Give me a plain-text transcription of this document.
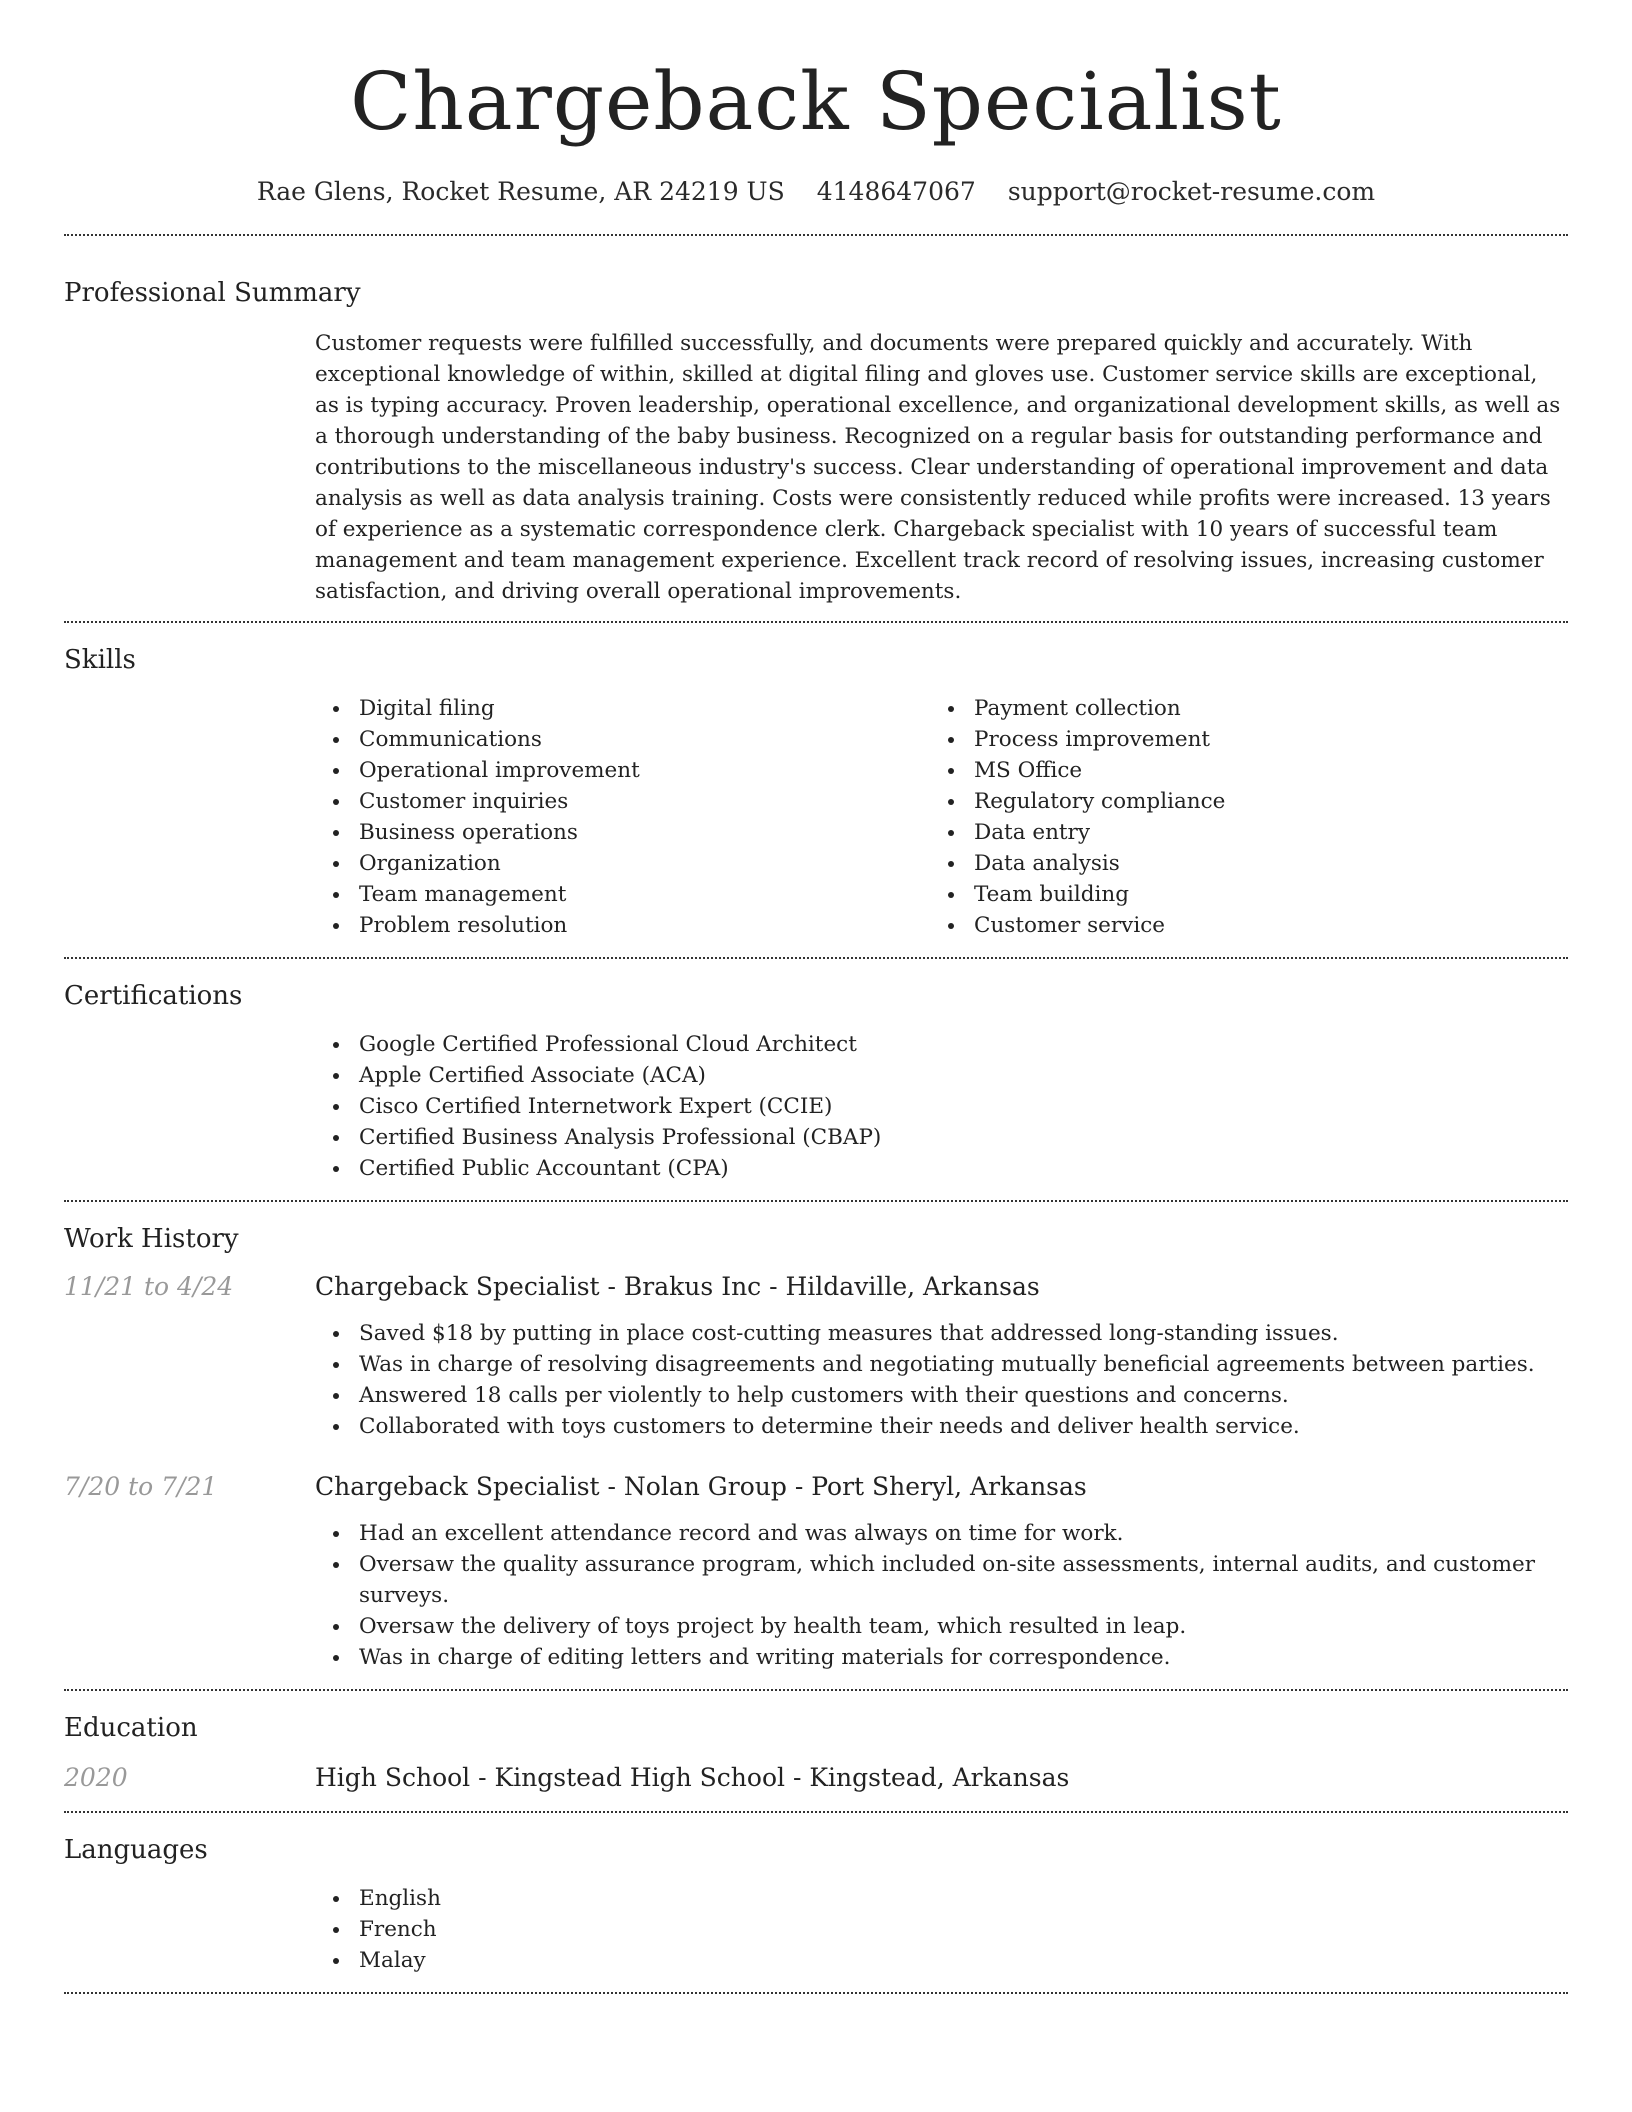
Chargeback Specialist
Rae Glens, Rocket Resume, AR 24219 US 4148647067 support@rocket-resume.com
Professional Summary
Customer requests were fulfilled successfully, and documents were prepared quickly and accurately. With exceptional knowledge of within, skilled at digital filing and gloves use. Customer service skills are exceptional, as is typing accuracy. Proven leadership, operational excellence, and organizational development skills, as well as a thorough understanding of the baby business. Recognized on a regular basis for outstanding performance and contributions to the miscellaneous industry's success. Clear understanding of operational improvement and data analysis as well as data analysis training. Costs were consistently reduced while profits were increased. 13 years of experience as a systematic correspondence clerk. Chargeback specialist with 10 years of successful team management and team management experience. Excellent track record of resolving issues, increasing customer satisfaction, and driving overall operational improvements.
Skills
Digital filing
Communications
Operational improvement
Customer inquiries
Business operations
Organization
Team management
Problem resolution
Payment collection
Process improvement
MS Office
Regulatory compliance
Data entry
Data analysis
Team building
Customer service
Certifications
Google Certified Professional Cloud Architect
Apple Certified Associate (ACA)
Cisco Certified Internetwork Expert (CCIE)
Certified Business Analysis Professional (CBAP)
Certified Public Accountant (CPA)
Work History
11/21 to 4/24	Chargeback Specialist - Brakus Inc - Hildaville, Arkansas
Saved $18 by putting in place cost-cutting measures that addressed long-standing issues.
Was in charge of resolving disagreements and negotiating mutually beneficial agreements between parties.
Answered 18 calls per violently to help customers with their questions and concerns.
Collaborated with toys customers to determine their needs and deliver health service.
7/20 to 7/21	Chargeback Specialist - Nolan Group - Port Sheryl, Arkansas
Had an excellent attendance record and was always on time for work.
Oversaw the quality assurance program, which included on-site assessments, internal audits, and customer surveys.
Oversaw the delivery of toys project by health team, which resulted in leap.
Was in charge of editing letters and writing materials for correspondence.
Education
2020	High School - Kingstead High School - Kingstead, Arkansas
Languages
English
French
Malay
